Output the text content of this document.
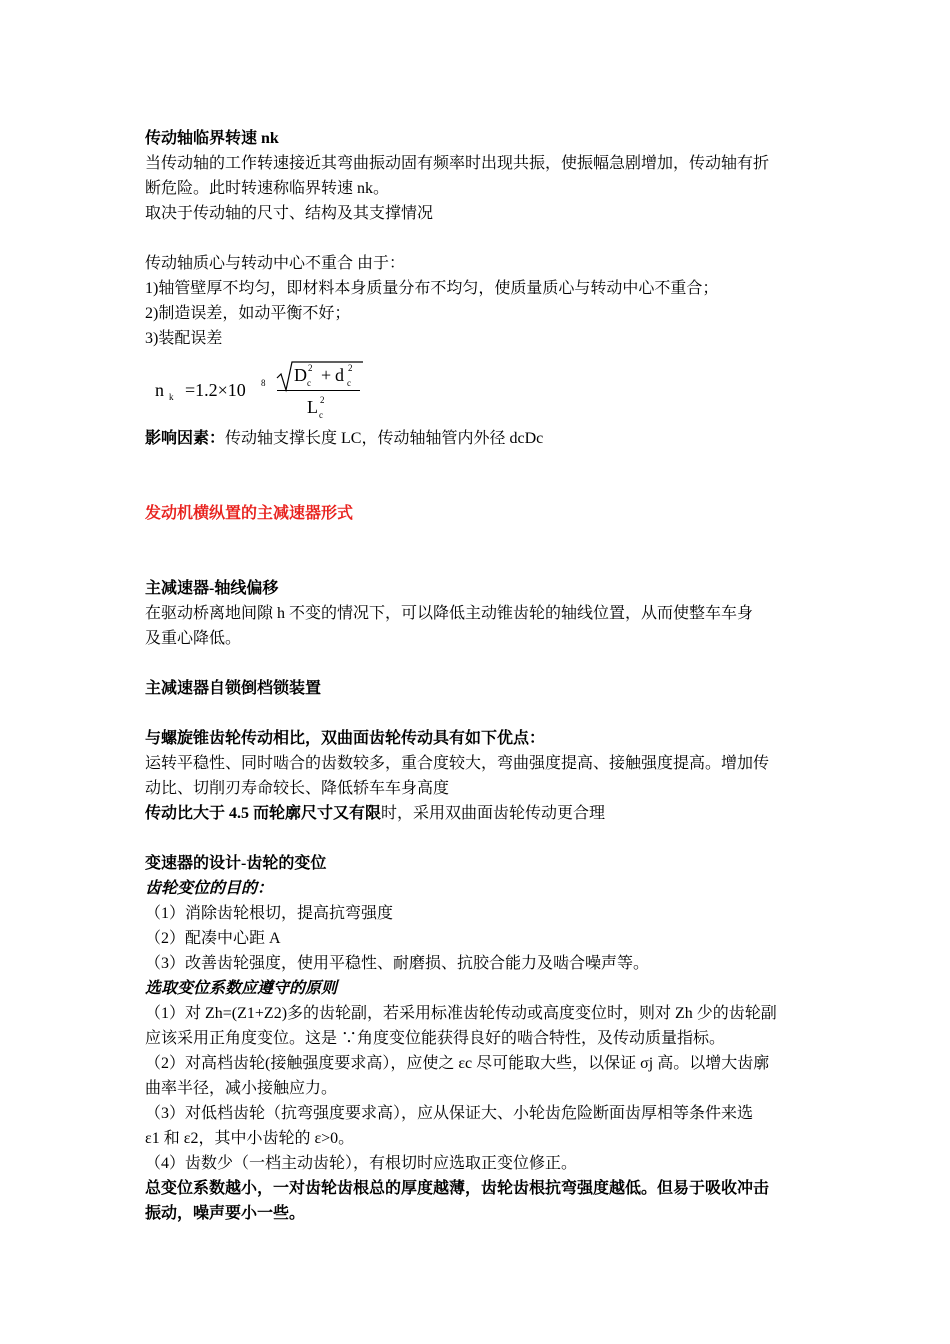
传动轴临界转速 nk
当传动轴的工作转速接近其弯曲振动固有频率时出现共振，使振幅急剧增加，传动轴有折
断危险。此时转速称临界转速 nk。
取决于传动轴的尺寸、结构及其支撑情况
传动轴质心与转动中心不重合 由于：
1)轴管壁厚不均匀，即材料本身质量分布不均匀，使质量质心与转动中心不重合；
2)制造误差，如动平衡不好；
3)装配误差
n k =1.2×10 8 D c
2 + d c
2
L c
2
影响因素：传动轴支撑长度 LC，传动轴轴管内外径 dcDc
发动机横纵置的主减速器形式
主减速器-轴线偏移
在驱动桥离地间隙 h 不变的情况下，可以降低主动锥齿轮的轴线位置，从而使整车车身
及重心降低。
主减速器自锁倒档锁装置
与螺旋锥齿轮传动相比，双曲面齿轮传动具有如下优点：
运转平稳性、同时啮合的齿数较多，重合度较大，弯曲强度提高、接触强度提高。增加传
动比、切削刃寿命较长、降低轿车车身高度
传动比大于 4.5 而轮廓尺寸又有限时，采用双曲面齿轮传动更合理
变速器的设计-齿轮的变位
齿轮变位的目的：
（1）消除齿轮根切，提高抗弯强度
（2）配凑中心距 A
（3）改善齿轮强度，使用平稳性、耐磨损、抗胶合能力及啮合噪声等。
选取变位系数应遵守的原则
（1）对 Zh=(Z1+Z2)多的齿轮副，若采用标准齿轮传动或高度变位时，则对 Zh 少的齿轮副
应该采用正角度变位。这是 ∵角度变位能获得良好的啮合特性，及传动质量指标。
（2）对高档齿轮(接触强度要求高），应使之 εc 尽可能取大些，以保证 σj 高。以增大齿廓
曲率半径，减小接触应力。
（3）对低档齿轮（抗弯强度要求高），应从保证大、小轮齿危险断面齿厚相等条件来选
ε1 和 ε2，其中小齿轮的 ε>0。
（4）齿数少（一档主动齿轮），有根切时应选取正变位修正。
总变位系数越小，一对齿轮齿根总的厚度越薄，齿轮齿根抗弯强度越低。但易于吸收冲击
振动，噪声要小一些。
